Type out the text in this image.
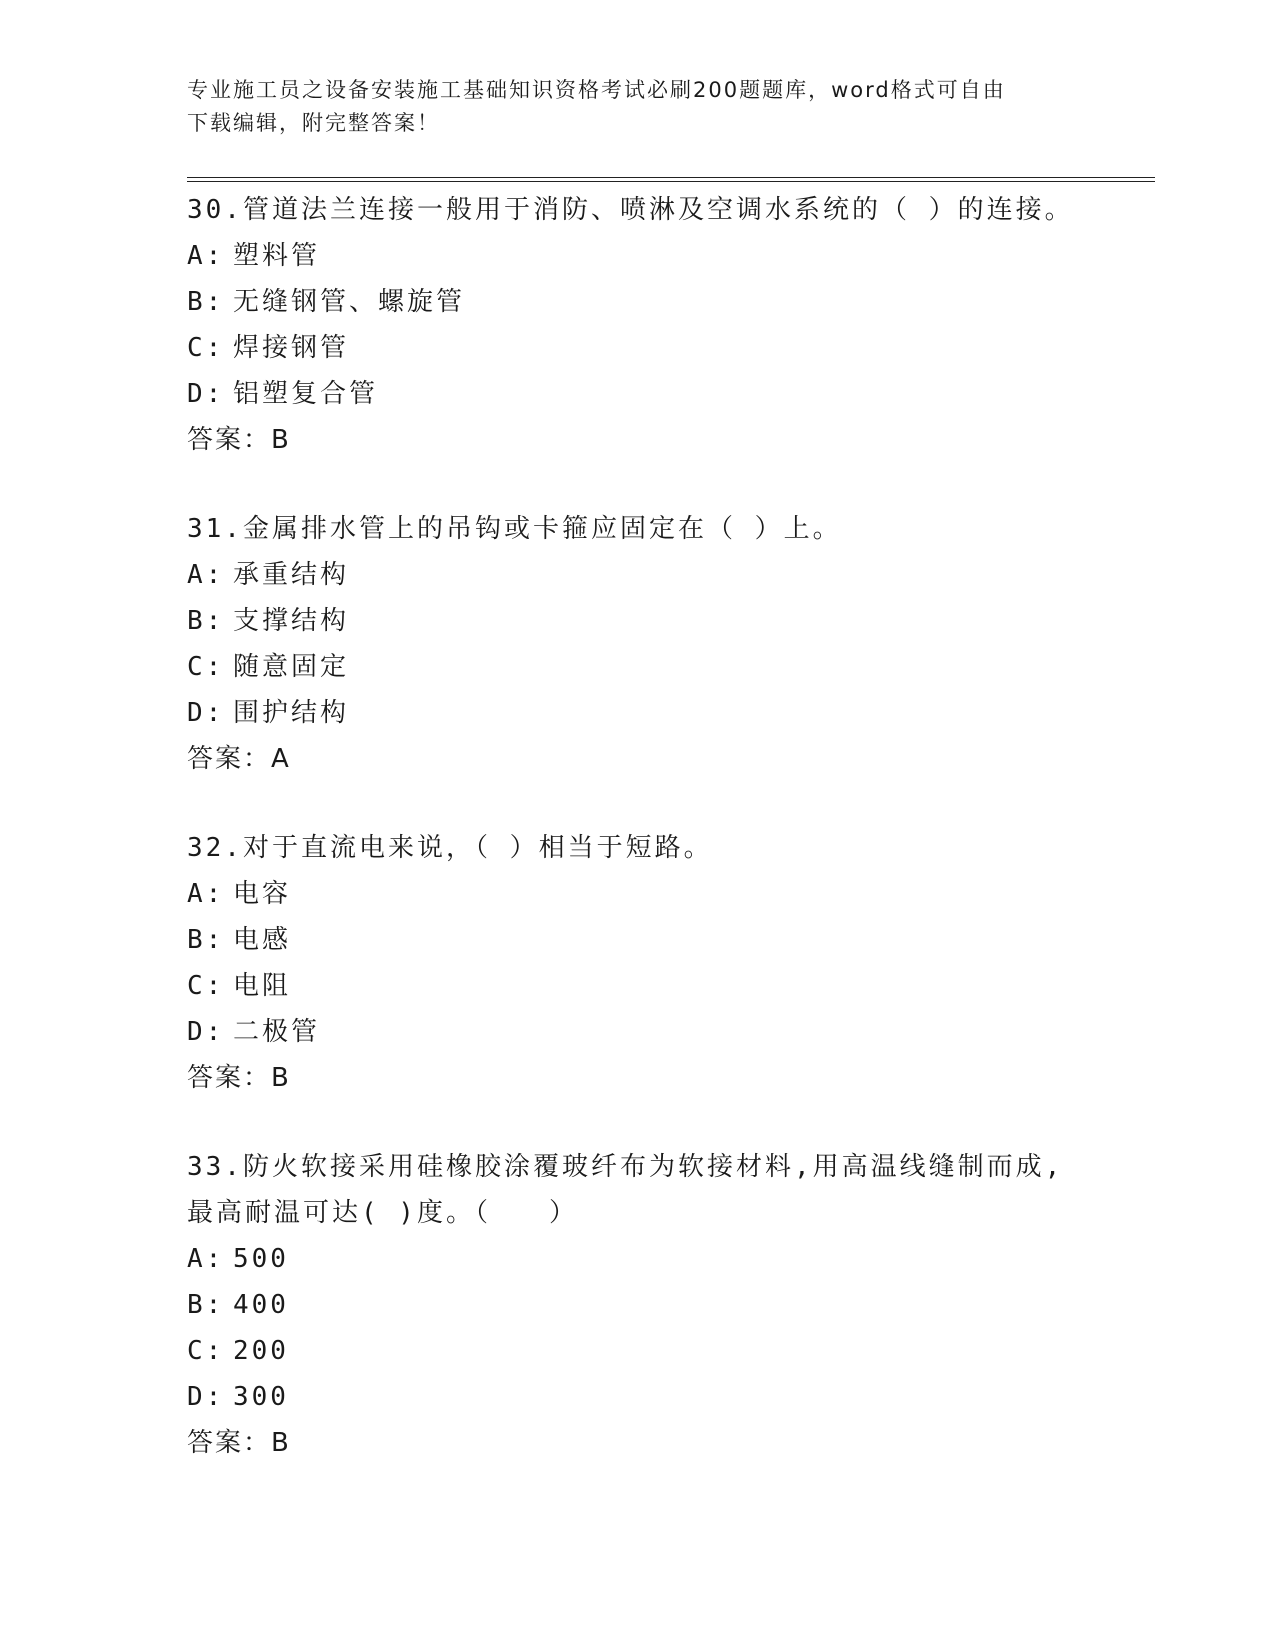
专业施工员之设备安装施工基础知识资格考试必刷200题题库，word格式可自由
下载编辑，附完整答案！
30.管道法兰连接一般用于消防、喷淋及空调水系统的（ ）的连接。
A: 塑料管
B: 无缝钢管、螺旋管
C: 焊接钢管
D: 铝塑复合管
答案：B
31.金属排水管上的吊钩或卡箍应固定在（ ）上。
A: 承重结构
B: 支撑结构
C: 随意固定
D: 围护结构
答案：A
32.对于直流电来说，（ ）相当于短路。
A: 电容
B: 电感
C: 电阻
D: 二极管
答案：B
33.防火软接采用硅橡胶涂覆玻纤布为软接材料,用高温线缝制而成,最高耐温可达( )度。（　　）
A: 500
B: 400
C: 200
D: 300
答案：B
